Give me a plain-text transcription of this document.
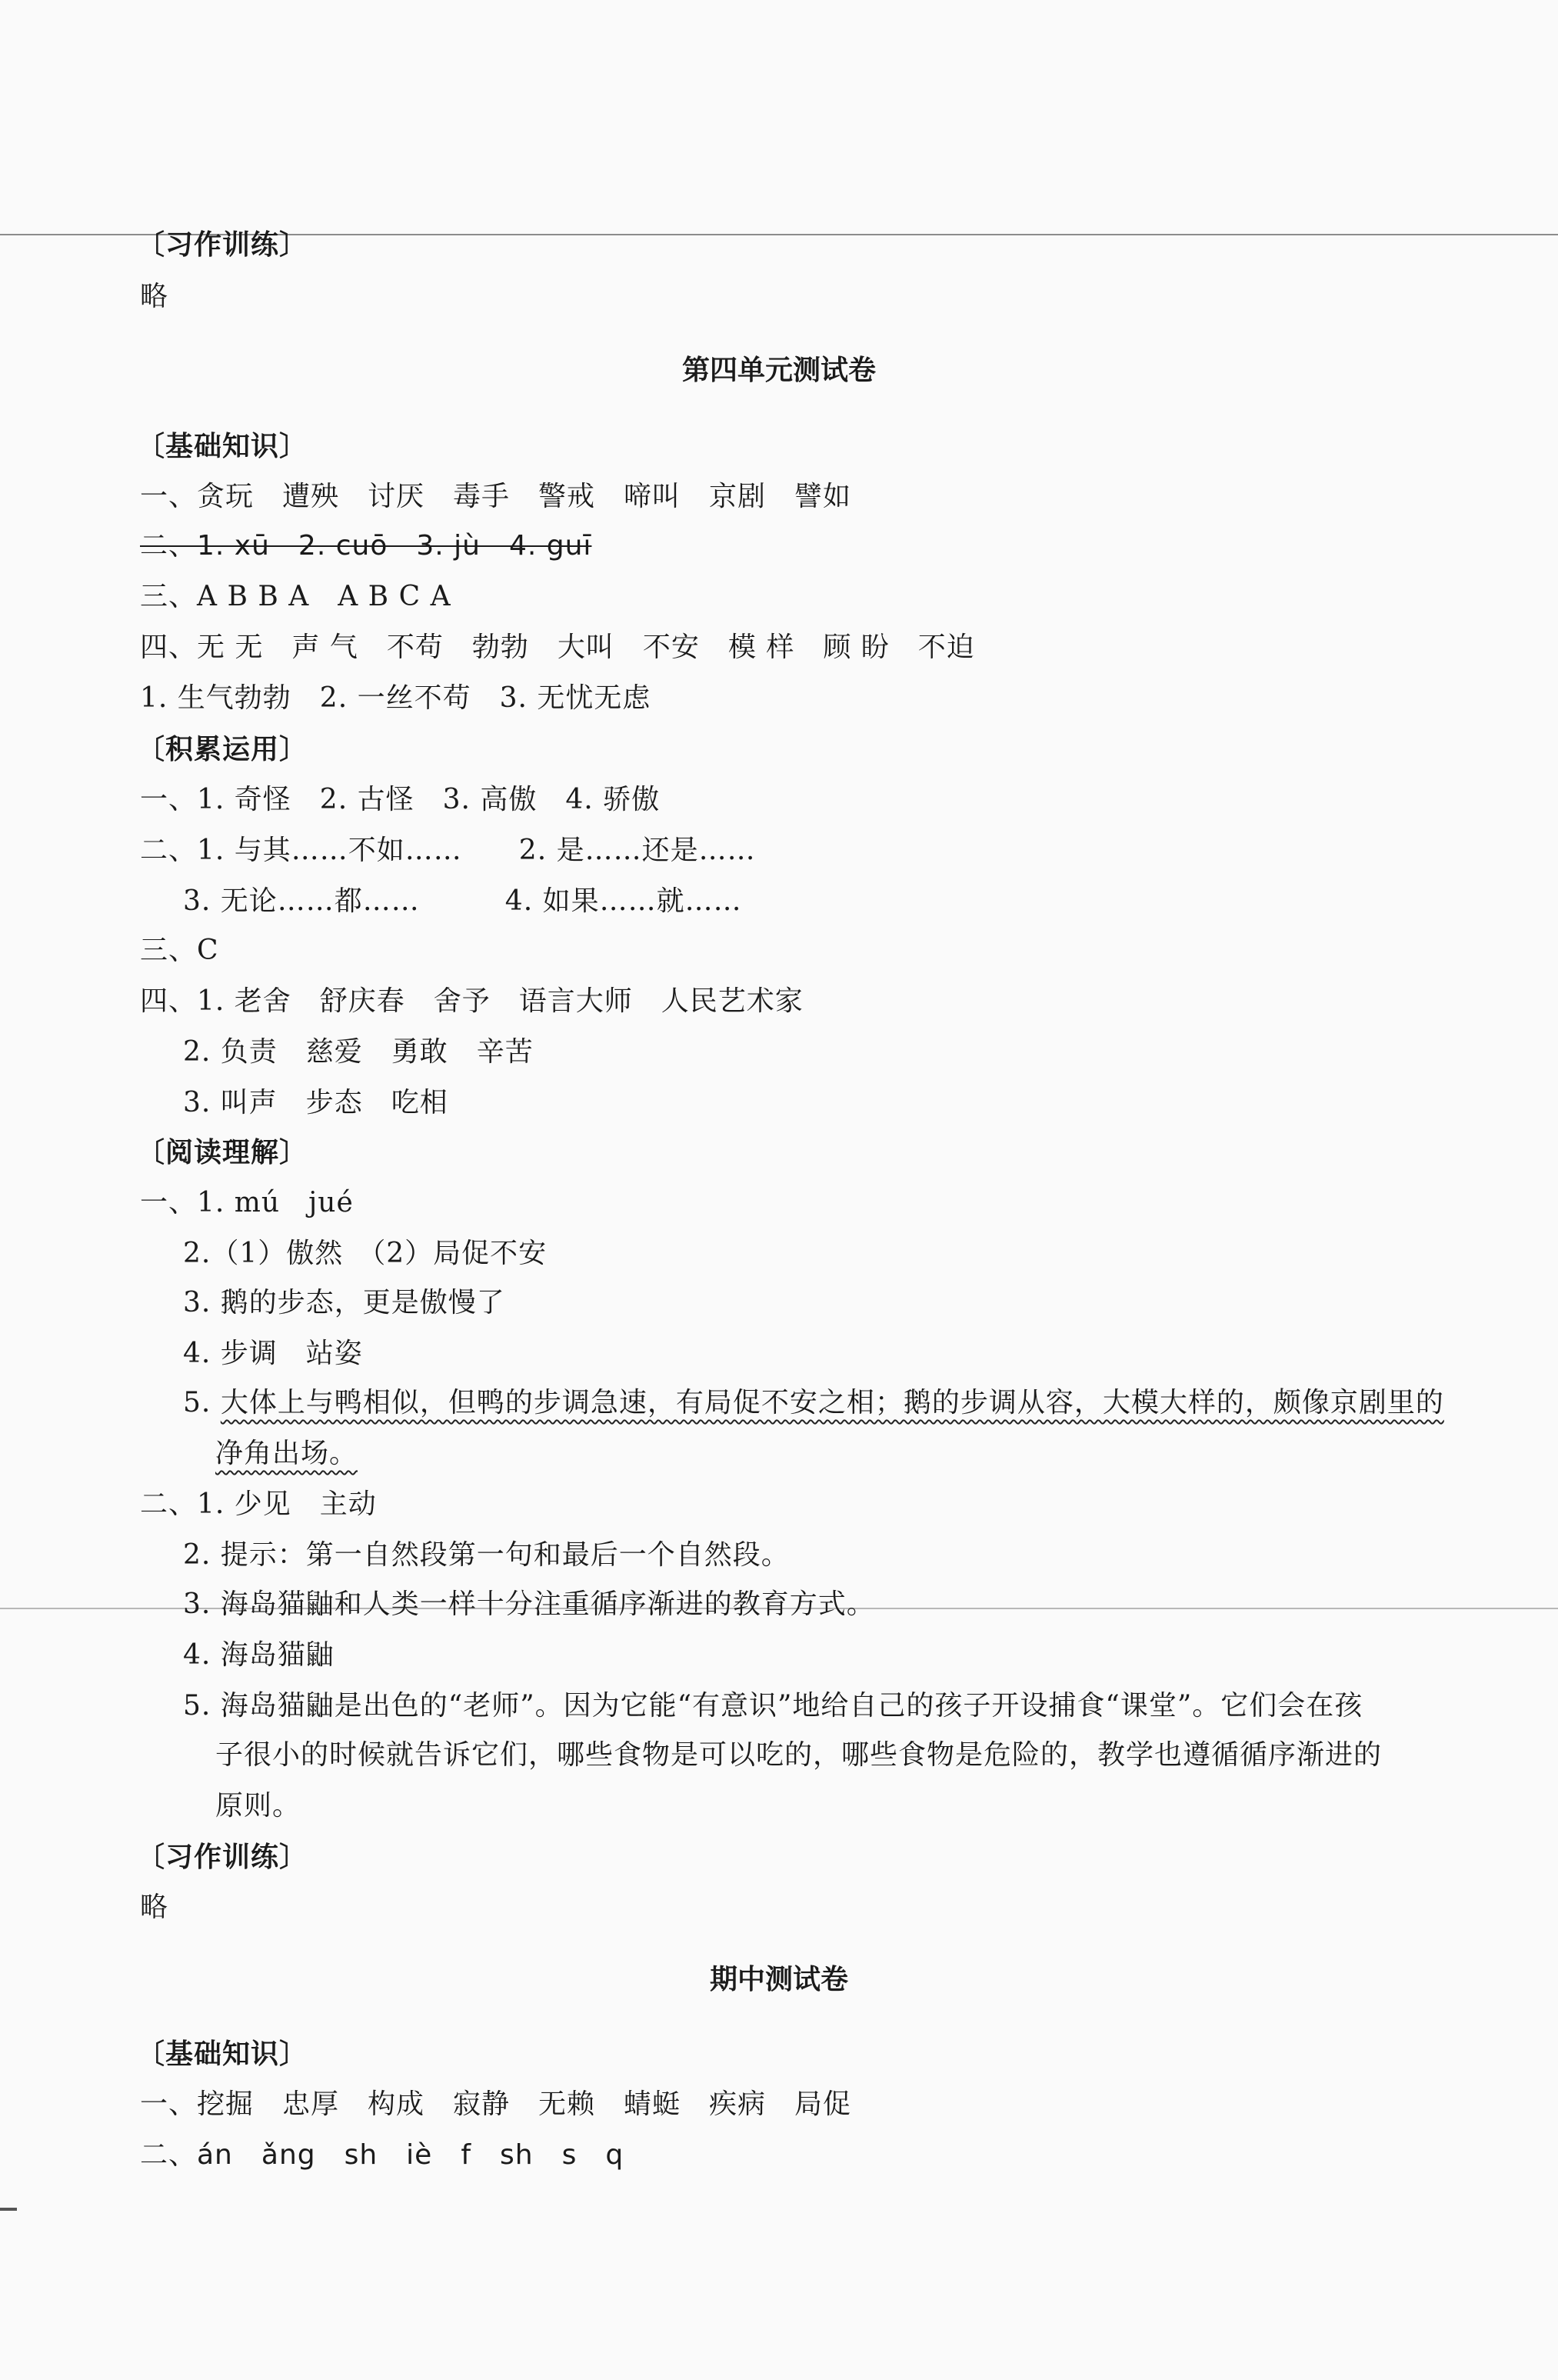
〔习作训练〕
略
第四单元测试卷
〔基础知识〕
一、贪玩　遭殃　讨厌　毒手　警戒　啼叫　京剧　譬如
二、1. xū　2. cuō　3. jù　4. guī
三、A B B A　A B C A
四、无 无　声 气　不苟　勃勃　大叫　不安　模 样　顾 盼　不迫
1. 生气勃勃　2. 一丝不苟　3. 无忧无虑
〔积累运用〕
一、1. 奇怪　2. 古怪　3. 高傲　4. 骄傲
二、1. 与其……不如……　　2. 是……还是……
3. 无论……都……　　　4. 如果……就……
三、C
四、1. 老舍　舒庆春　舍予　语言大师　人民艺术家
2. 负责　慈爱　勇敢　辛苦
3. 叫声　步态　吃相
〔阅读理解〕
一、1. mú　jué
2.（1）傲然　（2）局促不安
3. 鹅的步态，更是傲慢了
4. 步调　站姿
5. 大体上与鸭相似，但鸭的步调急速，有局促不安之相；鹅的步调从容，大模大样的，颇像京剧里的
净角出场。
二、1. 少见　主动
2. 提示：第一自然段第一句和最后一个自然段。
3. 海岛猫鼬和人类一样十分注重循序渐进的教育方式。
4. 海岛猫鼬
5. 海岛猫鼬是出色的“老师”。因为它能“有意识”地给自己的孩子开设捕食“课堂”。它们会在孩
子很小的时候就告诉它们，哪些食物是可以吃的，哪些食物是危险的，教学也遵循循序渐进的
原则。
〔习作训练〕
略
期中测试卷
〔基础知识〕
一、挖掘　忠厚　构成　寂静　无赖　蜻蜓　疾病　局促
二、án　ǎng　sh　iè　f　sh　s　q
